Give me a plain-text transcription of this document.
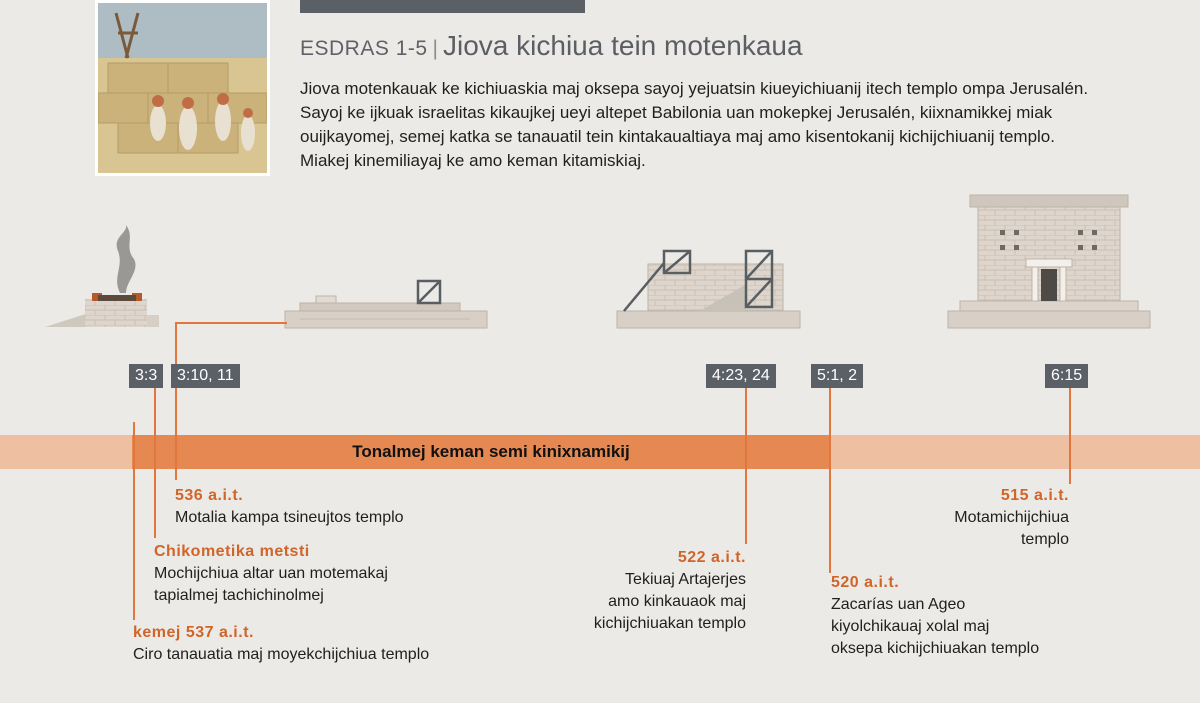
ESDRAS 1-5 | Jiova kichiua tein motenkaua
Jiova motenkauak ke kichiuaskia maj oksepa sayoj yejuatsin kiueyichiuanij itech templo ompa Jerusalén. Sayoj ke ijkuak israelitas kikaujkej ueyi altepet Babilonia uan mokepkej Jerusalén, kiixnamikkej miak ouijkayomej, semej katka se tanauatil tein kintakaualtiaya maj amo kisentokanij kichijchiuanij templo. Miakej kinemiliayaj ke amo keman kitamiskiaj.
3:3	3:10, 11	4:23, 24	5:1, 2	6:15
Tonalmej keman semi kinixnamikij
536 a.i.t.
Motalia kampa tsineujtos templo
Chikometika metsti
Mochijchiua altar uan motemakaj
tapialmej tachichinolmej
kemej 537 a.i.t.
Ciro tanauatia maj moyekchijchiua templo
522 a.i.t.
Tekiuaj Artajerjes
amo kinkauaok maj
kichijchiuakan templo
520 a.i.t.
Zacarías uan Ageo
kiyolchikauaj xolal maj
oksepa kichijchiuakan templo
515 a.i.t.
Motamichijchiua
templo
